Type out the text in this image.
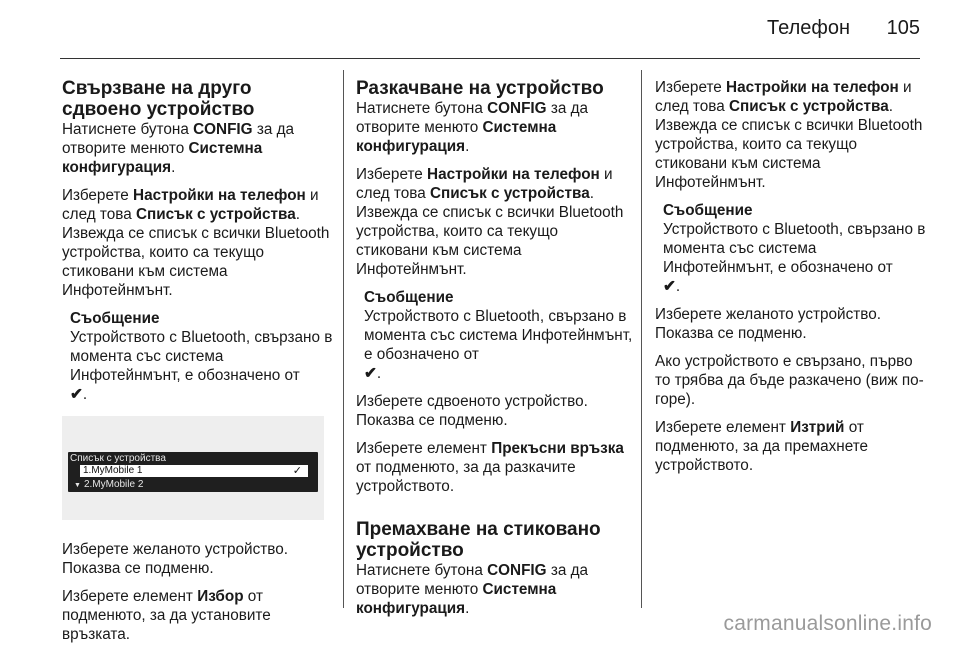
Телефон 105
Свързване на друго сдвоено устройство

Натиснете бутона CONFIG за да отворите менюто Системна конфигурация.

Изберете Настройки на телефон и след това Списък с устройства. Извежда се списък с всички Bluetooth устройства, които са текущо стиковани към система Инфотейнмънт.

Съобщение
Устройството с Bluetooth, свързано в момента със система Инфотейнмънт, е обозначено от
✔.
Списък с устройства
1.MyMobile 1	✓
▼ 2.MyMobile 2

Изберете желаното устройство. Показва се подменю.

Изберете елемент Избор от подменюто, за да установите връзката.

Разкачване на устройство

Натиснете бутона CONFIG за да отворите менюто Системна конфигурация.

Изберете Настройки на телефон и след това Списък с устройства. Извежда се списък с всички Bluetooth устройства, които са текущо стиковани към система Инфотейнмънт.

Съобщение
Устройството с Bluetooth, свързано в момента със система Инфотейнмънт, е обозначено от
✔.

Изберете сдвоеното устройство. Показва се подменю.

Изберете елемент Прекъсни връзка от подменюто, за да разкачите устройството.

Премахване на стиковано устройство

Натиснете бутона CONFIG за да отворите менюто Системна конфигурация.

Изберете Настройки на телефон и след това Списък с устройства. Извежда се списък с всички Bluetooth устройства, които са текущо стиковани към система Инфотейнмънт.

Съобщение
Устройството с Bluetooth, свързано в момента със система Инфотейнмънт, е обозначено от
✔.

Изберете желаното устройство. Показва се подменю.

Ако устройството е свързано, първо то трябва да бъде разкачено (виж по-горе).

Изберете елемент Изтрий от подменюто, за да премахнете устройството.

carmanualsonline.info
